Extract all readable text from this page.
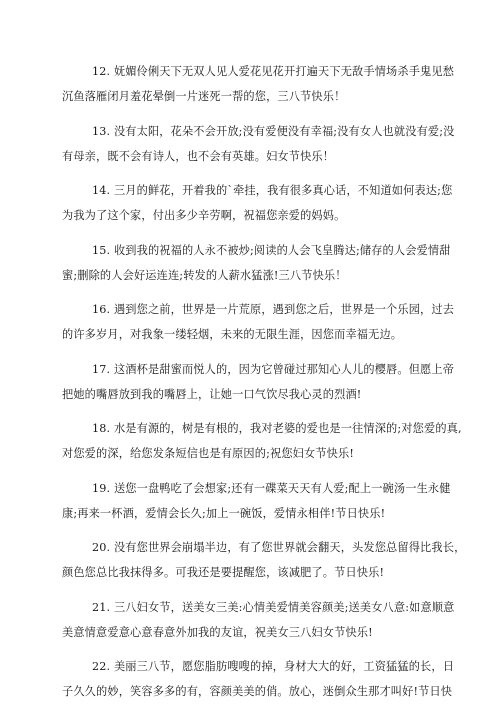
12. 妩媚伶俐天下无双人见人爱花见花开打遍天下无敌手情场杀手鬼见愁
沉鱼落雁闭月羞花晕倒一片迷死一帮的您，三八节快乐！
13. 没有太阳，花朵不会开放;没有爱便没有幸福;没有女人也就没有爱;没
有母亲，既不会有诗人，也不会有英雄。妇女节快乐！
14. 三月的鲜花，开着我的`牵挂，我有很多真心话，不知道如何表达;您
为我为了这个家，付出多少辛劳啊，祝福您亲爱的妈妈。
15. 收到我的祝福的人永不被炒;阅读的人会飞皇腾达;储存的人会爱情甜
蜜;删除的人会好运连连;转发的人薪水猛涨!三八节快乐！
16. 遇到您之前，世界是一片荒原，遇到您之后，世界是一个乐园，过去
的许多岁月，对我象一缕轻烟，未来的无限生涯，因您而幸福无边。
17. 这酒杯是甜蜜而悦人的，因为它曾碰过那知心人儿的樱唇。但愿上帝
把她的嘴唇放到我的嘴唇上，让她一口气饮尽我心灵的烈酒!
18. 水是有源的，树是有根的，我对老婆的爱也是一往情深的;对您爱的真,
对您爱的深，给您发条短信也是有原因的;祝您妇女节快乐!
19. 送您一盘鸭吃了会想家;还有一碟菜天天有人爱;配上一碗汤一生永健
康;再来一杯酒，爱情会长久;加上一碗饭，爱情永相伴!节日快乐!
20. 没有您世界会崩塌半边，有了您世界就会翻天，头发您总留得比我长，
颜色您总比我抹得多。可我还是要提醒您，该减肥了。节日快乐!
21. 三八妇女节，送美女三美:心情美爱情美容颜美;送美女八意:如意顺意
美意情意爱意心意春意外加我的友谊，祝美女三八妇女节快乐!
22. 美丽三八节，愿您脂肪嗖嗖的掉，身材大大的好，工资猛猛的长，日
子久久的妙，笑容多多的有，容颜美美的俏。放心，迷倒众生那才叫好!节日快
